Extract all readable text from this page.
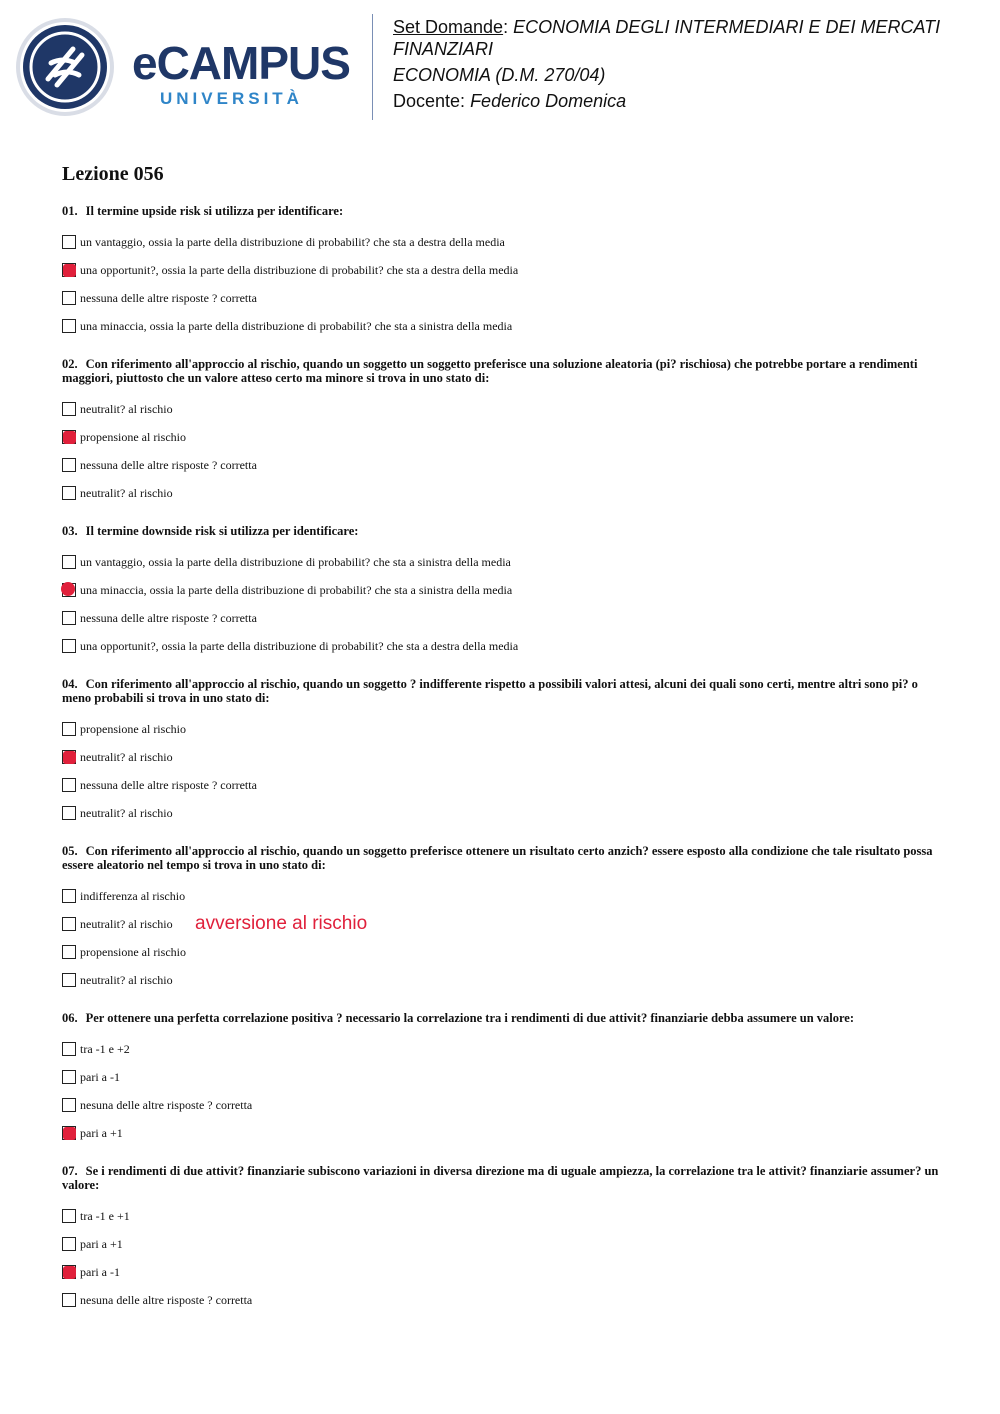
eCAMPUS
UNIVERSITÀ
Set Domande: ECONOMIA DEGLI INTERMEDIARI E DEI MERCATI FINANZIARI
ECONOMIA (D.M. 270/04)
Docente: Federico Domenica
Lezione 056
01. Il termine upside risk si utilizza per identificare:
un vantaggio, ossia la parte della distribuzione di probabilit? che sta a destra della media
una opportunit?, ossia la parte della distribuzione di probabilit? che sta a destra della media
nessuna delle altre risposte ? corretta
una minaccia, ossia la parte della distribuzione di probabilit? che sta a sinistra della media
02. Con riferimento all'approccio al rischio, quando un soggetto un soggetto preferisce una soluzione aleatoria (pi? rischiosa) che potrebbe portare a rendimenti maggiori, piuttosto che un valore atteso certo ma minore si trova in uno stato di:
neutralit? al rischio
propensione al rischio
nessuna delle altre risposte ? corretta
neutralit? al rischio
03. Il termine downside risk si utilizza per identificare:
un vantaggio, ossia la parte della distribuzione di probabilit? che sta a sinistra della media
una minaccia, ossia la parte della distribuzione di probabilit? che sta a sinistra della media
nessuna delle altre risposte ? corretta
una opportunit?, ossia la parte della distribuzione di probabilit? che sta a destra della media
04. Con riferimento all'approccio al rischio, quando un soggetto ? indifferente rispetto a possibili valori attesi, alcuni dei quali sono certi, mentre altri sono pi? o meno probabili si trova in uno stato di:
propensione al rischio
neutralit? al rischio
nessuna delle altre risposte ? corretta
neutralit? al rischio
05. Con riferimento all'approccio al rischio, quando un soggetto preferisce ottenere un risultato certo anzich? essere esposto alla condizione che tale risultato possa essere aleatorio nel tempo si trova in uno stato di:
indifferenza al rischio
neutralit? al rischio avversione al rischio
propensione al rischio
neutralit? al rischio
06. Per ottenere una perfetta correlazione positiva ? necessario la correlazione tra i rendimenti di due attivit? finanziarie debba assumere un valore:
tra -1 e +2
pari a -1
nesuna delle altre risposte ? corretta
pari a +1
07. Se i rendimenti di due attivit? finanziarie subiscono variazioni in diversa direzione ma di uguale ampiezza, la correlazione tra le attivit? finanziarie assumer? un valore:
tra -1 e +1
pari a +1
pari a -1
nesuna delle altre risposte ? corretta
